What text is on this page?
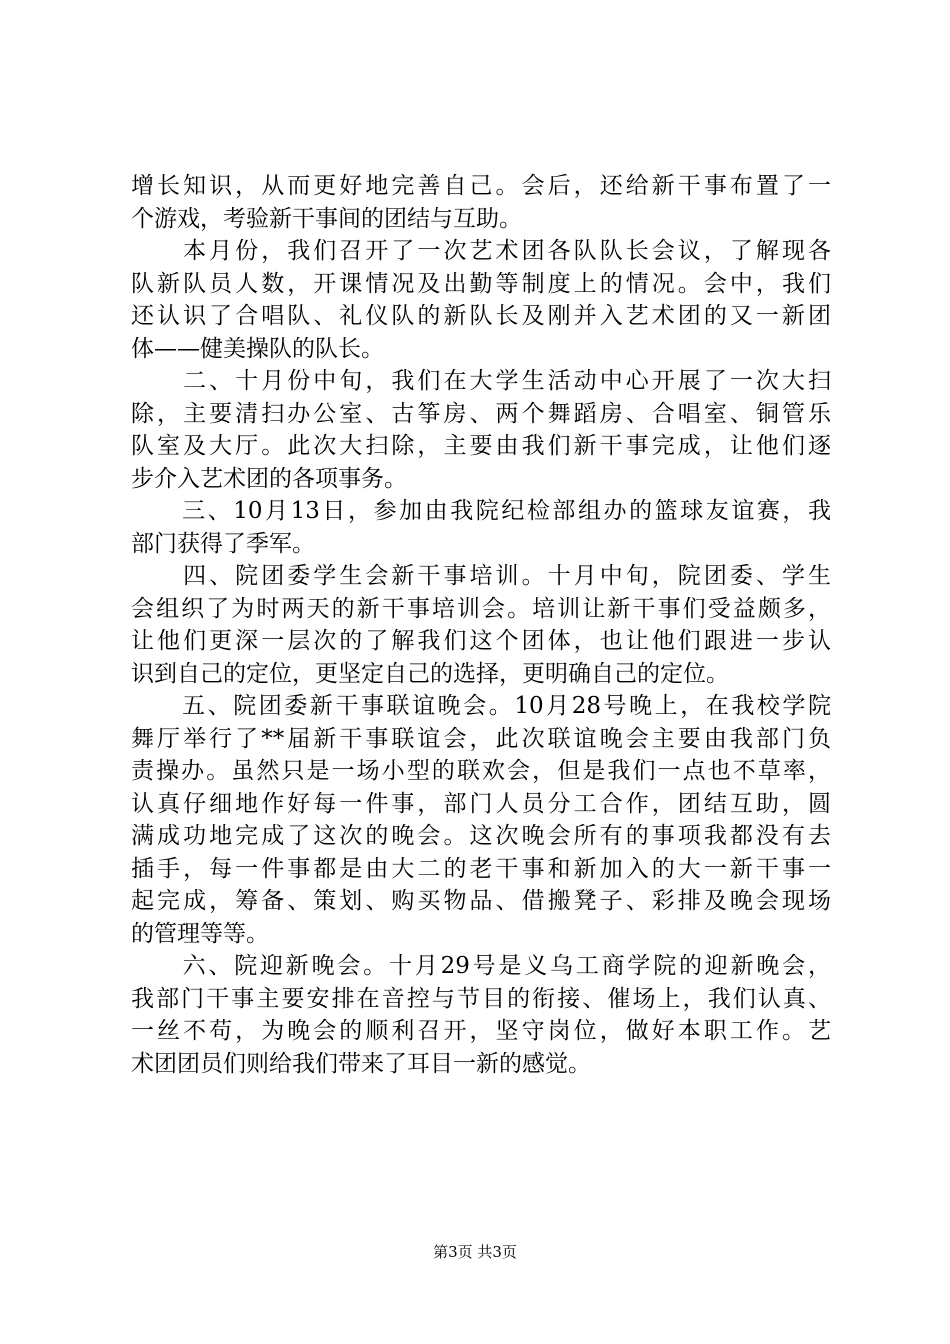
增长知识，从而更好地完善自己。会后，还给新干事布置了一
个游戏，考验新干事间的团结与互助。
　　本月份，我们召开了一次艺术团各队队长会议，了解现各
队新队员人数，开课情况及出勤等制度上的情况。会中，我们
还认识了合唱队、礼仪队的新队长及刚并入艺术团的又一新团
体——健美操队的队长。
　　二、十月份中旬，我们在大学生活动中心开展了一次大扫
除，主要清扫办公室、古筝房、两个舞蹈房、合唱室、铜管乐
队室及大厅。此次大扫除，主要由我们新干事完成，让他们逐
步介入艺术团的各项事务。
　　三、10月13日，参加由我院纪检部组办的篮球友谊赛，我
部门获得了季军。
　　四、院团委学生会新干事培训。十月中旬，院团委、学生
会组织了为时两天的新干事培训会。培训让新干事们受益颇多，
让他们更深一层次的了解我们这个团体，也让他们跟进一步认
识到自己的定位，更坚定自己的选择，更明确自己的定位。
　　五、院团委新干事联谊晚会。10月28号晚上，在我校学院
舞厅举行了**届新干事联谊会，此次联谊晚会主要由我部门负
责操办。虽然只是一场小型的联欢会，但是我们一点也不草率，
认真仔细地作好每一件事，部门人员分工合作，团结互助，圆
满成功地完成了这次的晚会。这次晚会所有的事项我都没有去
插手，每一件事都是由大二的老干事和新加入的大一新干事一
起完成，筹备、策划、购买物品、借搬凳子、彩排及晚会现场
的管理等等。
　　六、院迎新晚会。十月29号是义乌工商学院的迎新晚会，
我部门干事主要安排在音控与节目的衔接、催场上，我们认真、
一丝不苟，为晚会的顺利召开，坚守岗位，做好本职工作。艺
术团团员们则给我们带来了耳目一新的感觉。
第3页 共3页
